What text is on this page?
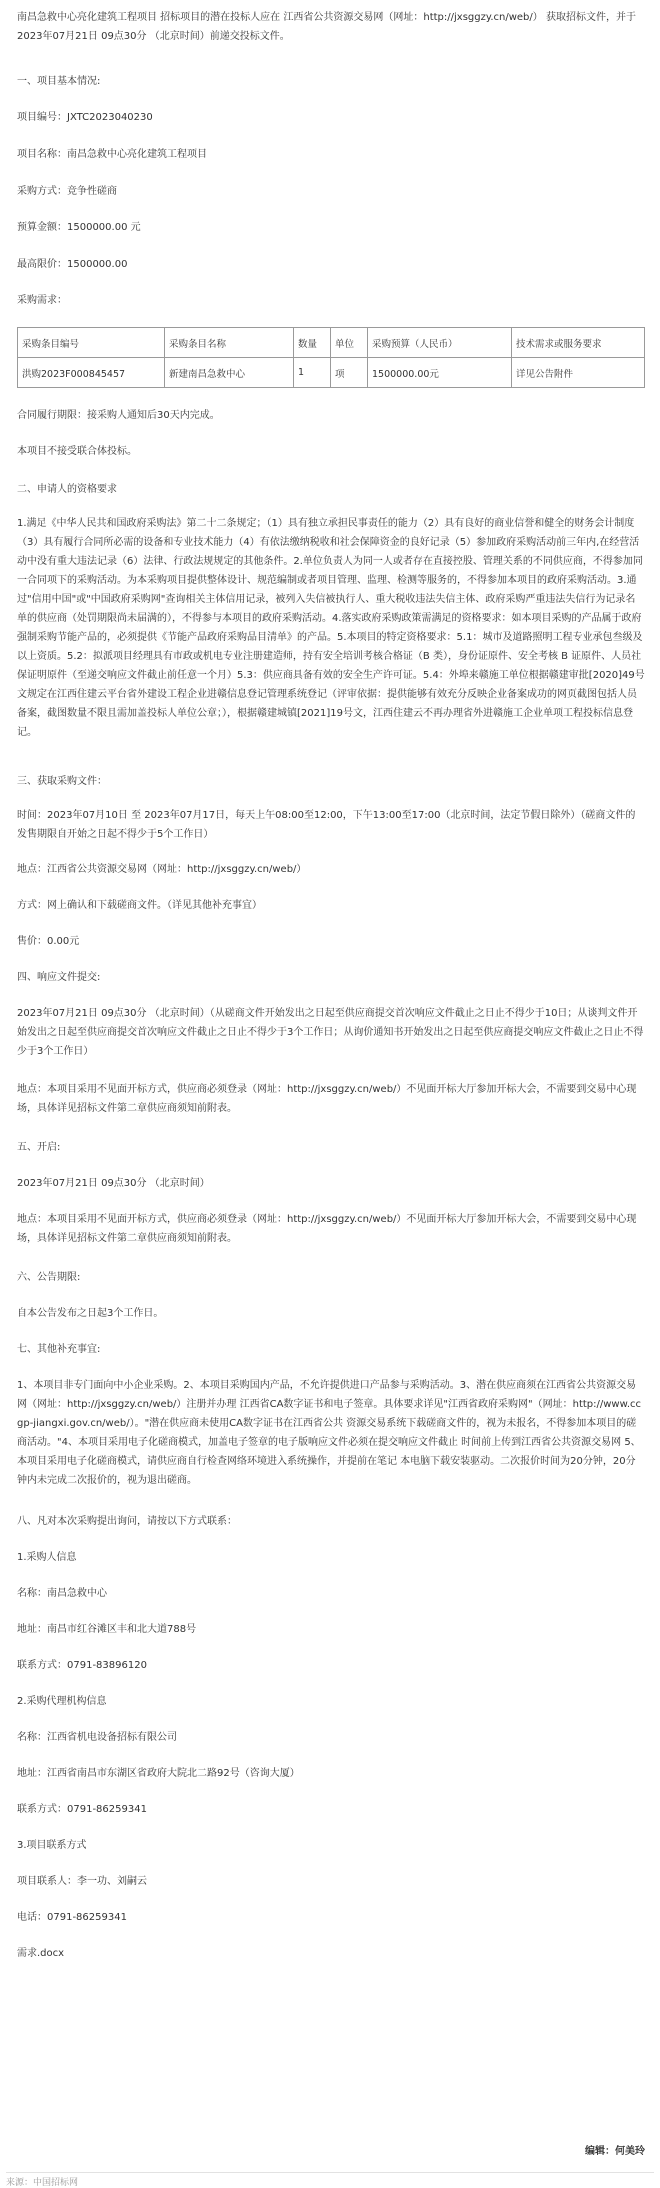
南昌急救中心亮化建筑工程项目 招标项目的潜在投标人应在 江西省公共资源交易网（网址：http://jxsggzy.cn/web/） 获取招标文件，并于 2023年07月21日 09点30分 （北京时间）前递交投标文件。

一、项目基本情况:

项目编号：JXTC2023040230

项目名称：南昌急救中心亮化建筑工程项目

采购方式：竞争性磋商

预算金额：1500000.00 元

最高限价：1500000.00

采购需求：

采购条目编号	采购条目名称	数量	单位	采购预算（人民币）	技术需求或服务要求
洪购2023F000845457	新建南昌急救中心	1	项	1500000.00元	详见公告附件

合同履行期限：接采购人通知后30天内完成。

本项目不接受联合体投标。

二、申请人的资格要求

1.满足《中华人民共和国政府采购法》第二十二条规定；（1）具有独立承担民事责任的能力（2）具有良好的商业信誉和健全的财务会计制度（3）具有履行合同所必需的设备和专业技术能力（4）有依法缴纳税收和社会保障资金的良好记录（5）参加政府采购活动前三年内,在经营活动中没有重大违法记录（6）法律、行政法规规定的其他条件。2.单位负责人为同一人或者存在直接控股、管理关系的不同供应商，不得参加同一合同项下的采购活动。为本采购项目提供整体设计、规范编制或者项目管理、监理、检测等服务的，不得参加本项目的政府采购活动。3.通过"信用中国"或"中国政府采购网"查询相关主体信用记录，被列入失信被执行人、重大税收违法失信主体、政府采购严重违法失信行为记录名单的供应商（处罚期限尚未届满的），不得参与本项目的政府采购活动。4.落实政府采购政策需满足的资格要求：如本项目采购的产品属于政府强制采购节能产品的，必须提供《节能产品政府采购品目清单》的产品。5.本项目的特定资格要求：5.1：城市及道路照明工程专业承包叁级及以上资质。5.2：拟派项目经理具有市政或机电专业注册建造师，持有安全培训考核合格证（B 类），身份证原件、安全考核 B 证原件、人员社保证明原件（至递交响应文件截止前任意一个月）5.3：供应商具备有效的安全生产许可证。5.4：外埠来赣施工单位根据赣建审批[2020]49号文规定在江西住建云平台省外建设工程企业进赣信息登记管理系统登记（评审依据：提供能够有效充分反映企业备案成功的网页截图包括人员备案，截图数量不限且需加盖投标人单位公章；），根据赣建城镇[2021]19号文，江西住建云不再办理省外进赣施工企业单项工程投标信息登记。

三、获取采购文件：

时间：2023年07月10日 至 2023年07月17日，每天上午08:00至12:00，下午13:00至17:00（北京时间，法定节假日除外）（磋商文件的发售期限自开始之日起不得少于5个工作日）

地点：江西省公共资源交易网（网址：http://jxsggzy.cn/web/）

方式：网上确认和下载磋商文件。（详见其他补充事宜）

售价：0.00元

四、响应文件提交:

2023年07月21日 09点30分 （北京时间）（从磋商文件开始发出之日起至供应商提交首次响应文件截止之日止不得少于10日；从谈判文件开始发出之日起至供应商提交首次响应文件截止之日止不得少于3个工作日；从询价通知书开始发出之日起至供应商提交响应文件截止之日止不得少于3个工作日）

地点：本项目采用不见面开标方式，供应商必须登录（网址：http://jxsggzy.cn/web/）不见面开标大厅参加开标大会，不需要到交易中心现场，具体详见招标文件第二章供应商须知前附表。

五、开启:

2023年07月21日 09点30分 （北京时间）

地点：本项目采用不见面开标方式，供应商必须登录（网址：http://jxsggzy.cn/web/）不见面开标大厅参加开标大会，不需要到交易中心现场，具体详见招标文件第二章供应商须知前附表。

六、公告期限:

自本公告发布之日起3个工作日。

七、其他补充事宜:

1、本项目非专门面向中小企业采购。2、本项目采购国内产品，不允许提供进口产品参与采购活动。3、潜在供应商须在江西省公共资源交易网（网址：http://jxsggzy.cn/web/）注册并办理 江西省CA数字证书和电子签章。具体要求详见"江西省政府采购网"（网址：http://www.ccgp-jiangxi.gov.cn/web/）。"潜在供应商未使用CA数字证书在江西省公共 资源交易系统下载磋商文件的，视为未报名，不得参加本项目的磋商活动。"4、本项目采用电子化磋商模式，加盖电子签章的电子版响应文件必须在提交响应文件截止 时间前上传到江西省公共资源交易网 5、本项目采用电子化磋商模式，请供应商自行检查网络环境进入系统操作，并提前在笔记 本电脑下载安装驱动。二次报价时间为20分钟，20分钟内未完成二次报价的，视为退出磋商。

八、凡对本次采购提出询问，请按以下方式联系：

1.采购人信息

名称：南昌急救中心

地址：南昌市红谷滩区丰和北大道788号

联系方式：0791-83896120

2.采购代理机构信息

名称：江西省机电设备招标有限公司

地址：江西省南昌市东湖区省政府大院北二路92号（咨询大厦）

联系方式：0791-86259341

3.项目联系方式

项目联系人：李一功、刘嗣云

电话：0791-86259341

需求.docx

编辑：何美玲
来源：中国招标网
